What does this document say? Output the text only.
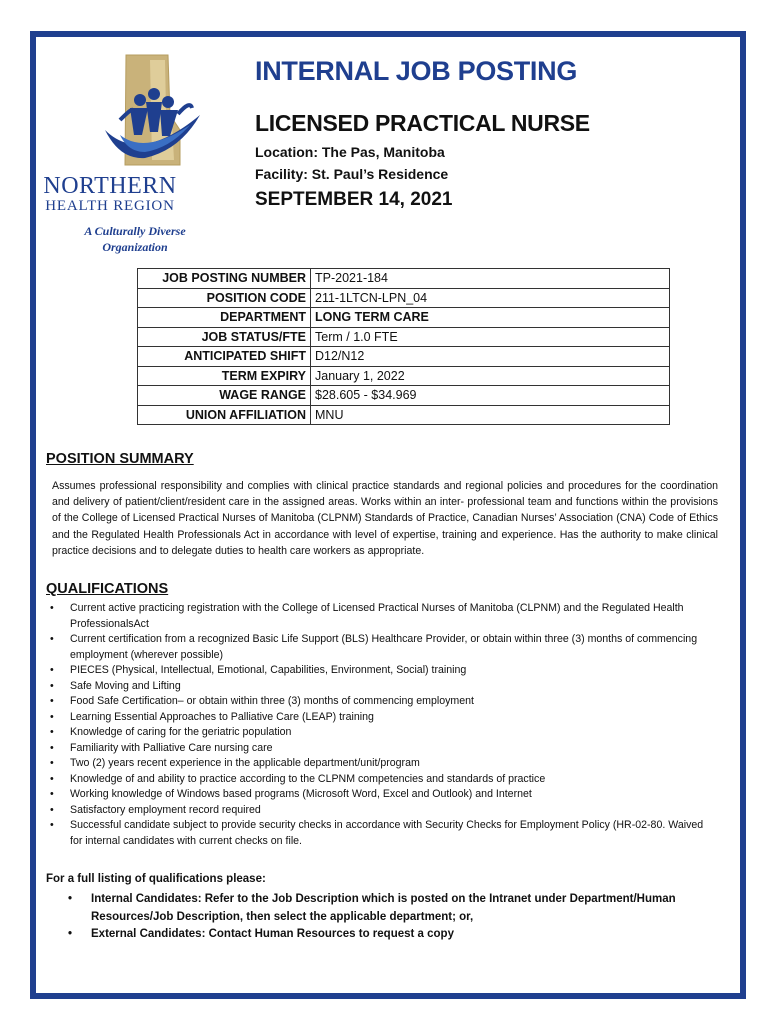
NORTHERN
HEALTH REGION
A Culturally Diverse
Organization
INTERNAL JOB POSTING
LICENSED PRACTICAL NURSE
Location: The Pas, Manitoba
Facility: St. Paul’s Residence
SEPTEMBER 14, 2021
JOB POSTING NUMBER	TP-2021-184
POSITION CODE	211-1LTCN-LPN_04
DEPARTMENT	LONG TERM CARE
JOB STATUS/FTE	Term / 1.0 FTE
ANTICIPATED SHIFT	D12/N12
TERM EXPIRY	January 1, 2022
WAGE RANGE	$28.605 - $34.969
UNION AFFILIATION	MNU
POSITION SUMMARY

Assumes professional responsibility and complies with clinical practice standards and regional policies and procedures for the coordination and delivery of patient/client/resident care in the assigned areas. Works within an inter- professional team and functions within the provisions of the College of Licensed Practical Nurses of Manitoba (CLPNM) Standards of Practice, Canadian Nurses’ Association (CNA) Code of Ethics and the Regulated Health Professionals Act in accordance with level of expertise, training and experience. Has the authority to make clinical practice decisions and to delegate duties to health care workers as appropriate.

QUALIFICATIONS
• Current active practicing registration with the College of Licensed Practical Nurses of Manitoba (CLPNM) and the Regulated Health ProfessionalsAct
• Current certification from a recognized Basic Life Support (BLS) Healthcare Provider, or obtain within three (3) months of commencing employment (wherever possible)
• PIECES (Physical, Intellectual, Emotional, Capabilities, Environment, Social) training
• Safe Moving and Lifting
• Food Safe Certification– or obtain within three (3) months of commencing employment
• Learning Essential Approaches to Palliative Care (LEAP) training
• Knowledge of caring for the geriatric population
• Familiarity with Palliative Care nursing care
• Two (2) years recent experience in the applicable department/unit/program
• Knowledge of and ability to practice according to the CLPNM competencies and standards of practice
• Working knowledge of Windows based programs (Microsoft Word, Excel and Outlook) and Internet
• Satisfactory employment record required
• Successful candidate subject to provide security checks in accordance with Security Checks for Employment Policy (HR-02-80. Waived for internal candidates with current checks on file.
For a full listing of qualifications please:
• Internal Candidates: Refer to the Job Description which is posted on the Intranet under Department/Human Resources/Job Description, then select the applicable department; or,
• External Candidates: Contact Human Resources to request a copy
